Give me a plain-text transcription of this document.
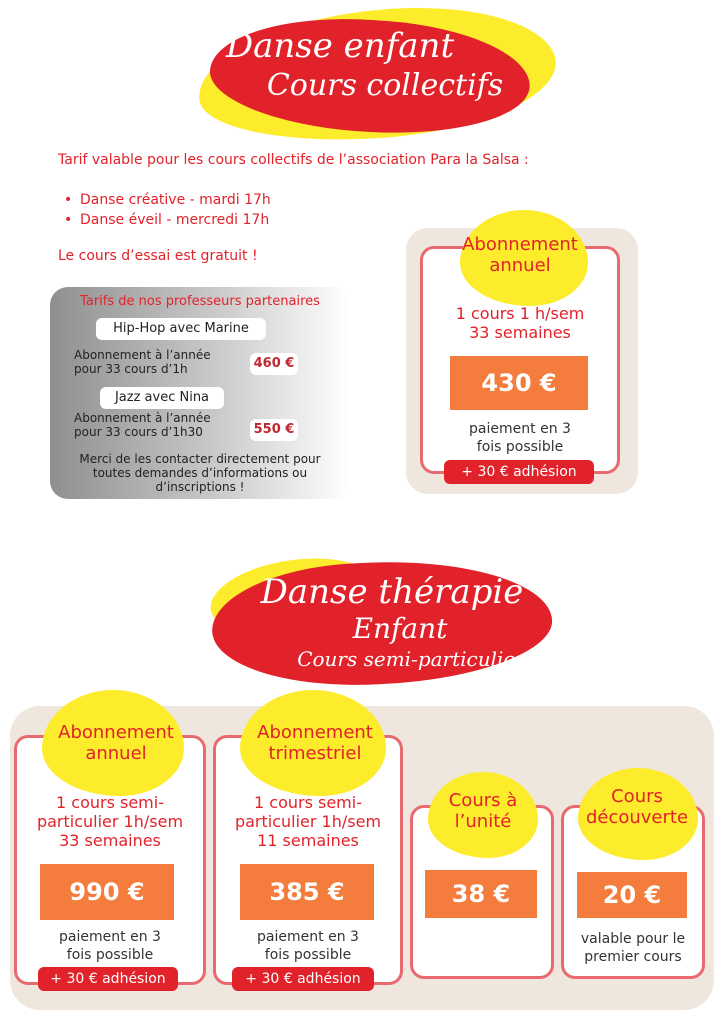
Danse enfant
Cours collectifs
Tarif valable pour les cours collectifs de l’association Para la Salsa :
• Danse créative - mardi 17h
• Danse éveil - mercredi 17h
Le cours d’essai est gratuit !
Tarifs de nos professeurs partenaires
Hip-Hop avec Marine
Abonnement à l’année
pour 33 cours d’1h	460 €
Jazz avec Nina
Abonnement à l’année
pour 33 cours d’1h30	550 €
Merci de les contacter directement pour
toutes demandes d’informations ou
d’inscriptions !
Abonnement
annuel
1 cours 1 h/sem
33 semaines
430 €
paiement en 3
fois possible
+ 30 € adhésion
Danse thérapie
Enfant
Cours semi-particulier
Abonnement
annuel
1 cours semi-
particulier 1h/sem
33 semaines
990 €
paiement en 3
fois possible
+ 30 € adhésion
Abonnement
trimestriel
1 cours semi-
particulier 1h/sem
11 semaines
385 €
paiement en 3
fois possible
+ 30 € adhésion
Cours à
l’unité
38 €
Cours
découverte
20 €
valable pour le
premier cours
